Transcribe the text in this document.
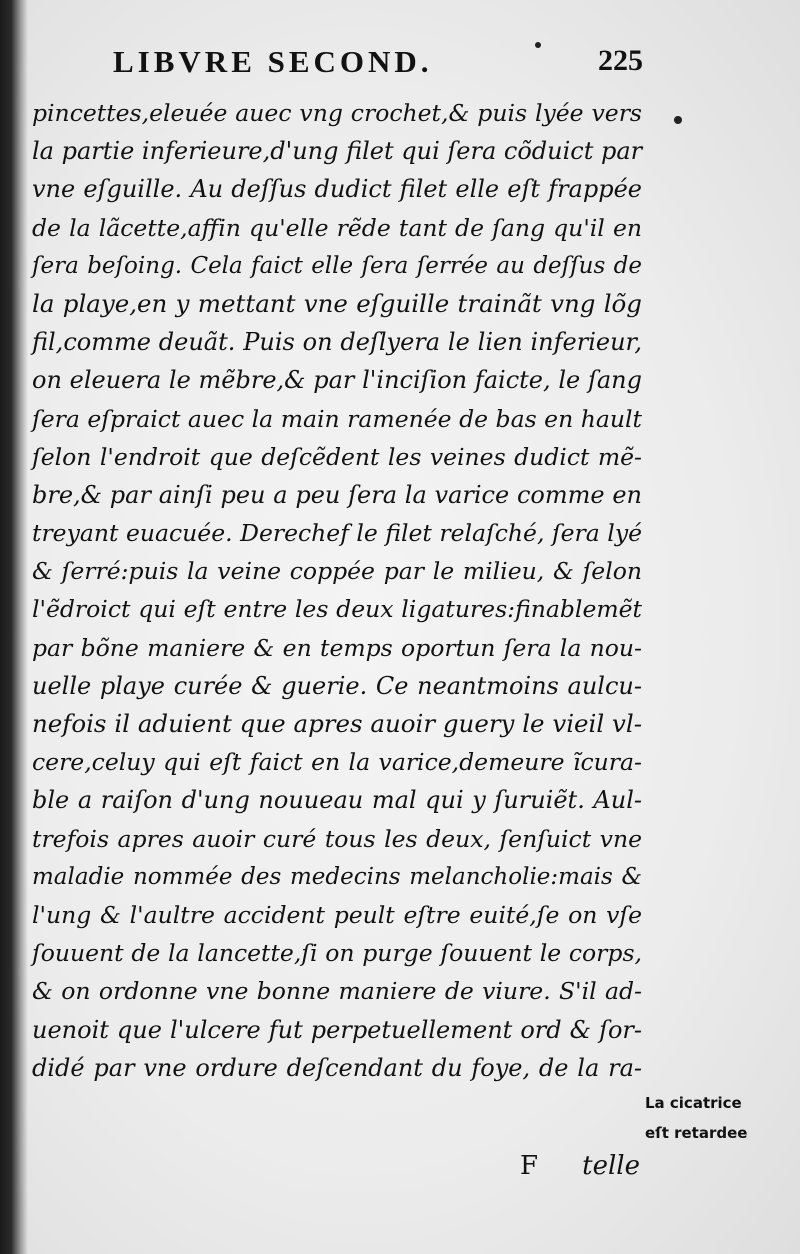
LIBVRE SECOND.	225
pincettes,eleuée auec vng crochet,& puis lyée vers
la partie inferieure,d'ung filet qui ſera cõduict par
vne eſguille. Au deſſus dudict filet elle eſt frappée
de la lãcette,affin qu'elle rẽde tant de ſang qu'il en
ſera beſoing. Cela faict elle ſera ſerrée au deſſus de
la playe,en y mettant vne eſguille trainãt vng lõg
fil,comme deuãt. Puis on deſlyera le lien inferieur,
on eleuera le mẽbre,& par l'inciſion faicte, le ſang
ſera eſpraict auec la main ramenée de bas en hault
ſelon l'endroit que deſcẽdent les veines dudict mẽ-
bre,& par ainſi peu a peu ſera la varice comme en
treyant euacuée. Derechef le filet relaſché, ſera lyé
& ſerré:puis la veine coppée par le milieu, & ſelon
l'ẽdroict qui eſt entre les deux ligatures:finablemẽt
par bõne maniere & en temps oportun ſera la nou-
uelle playe curée & guerie. Ce neantmoins aulcu-
nefois il aduient que apres auoir guery le vieil vl-
cere,celuy qui eſt faict en la varice,demeure ĩcura-
ble a raiſon d'ung nouueau mal qui y ſuruiẽt. Aul-
trefois apres auoir curé tous les deux, ſenſuict vne
maladie nommée des medecins melancholie:mais &
l'ung & l'aultre accident peult eſtre euité,ſe on vſe
ſouuent de la lancette,ſi on purge ſouuent le corps,
& on ordonne vne bonne maniere de viure. S'il ad-
uenoit que l'ulcere fut perpetuellement ord & ſor-
didé par vne ordure deſcendant du foye, de la ra-
F telle
La cicatrice
eſt retardee
